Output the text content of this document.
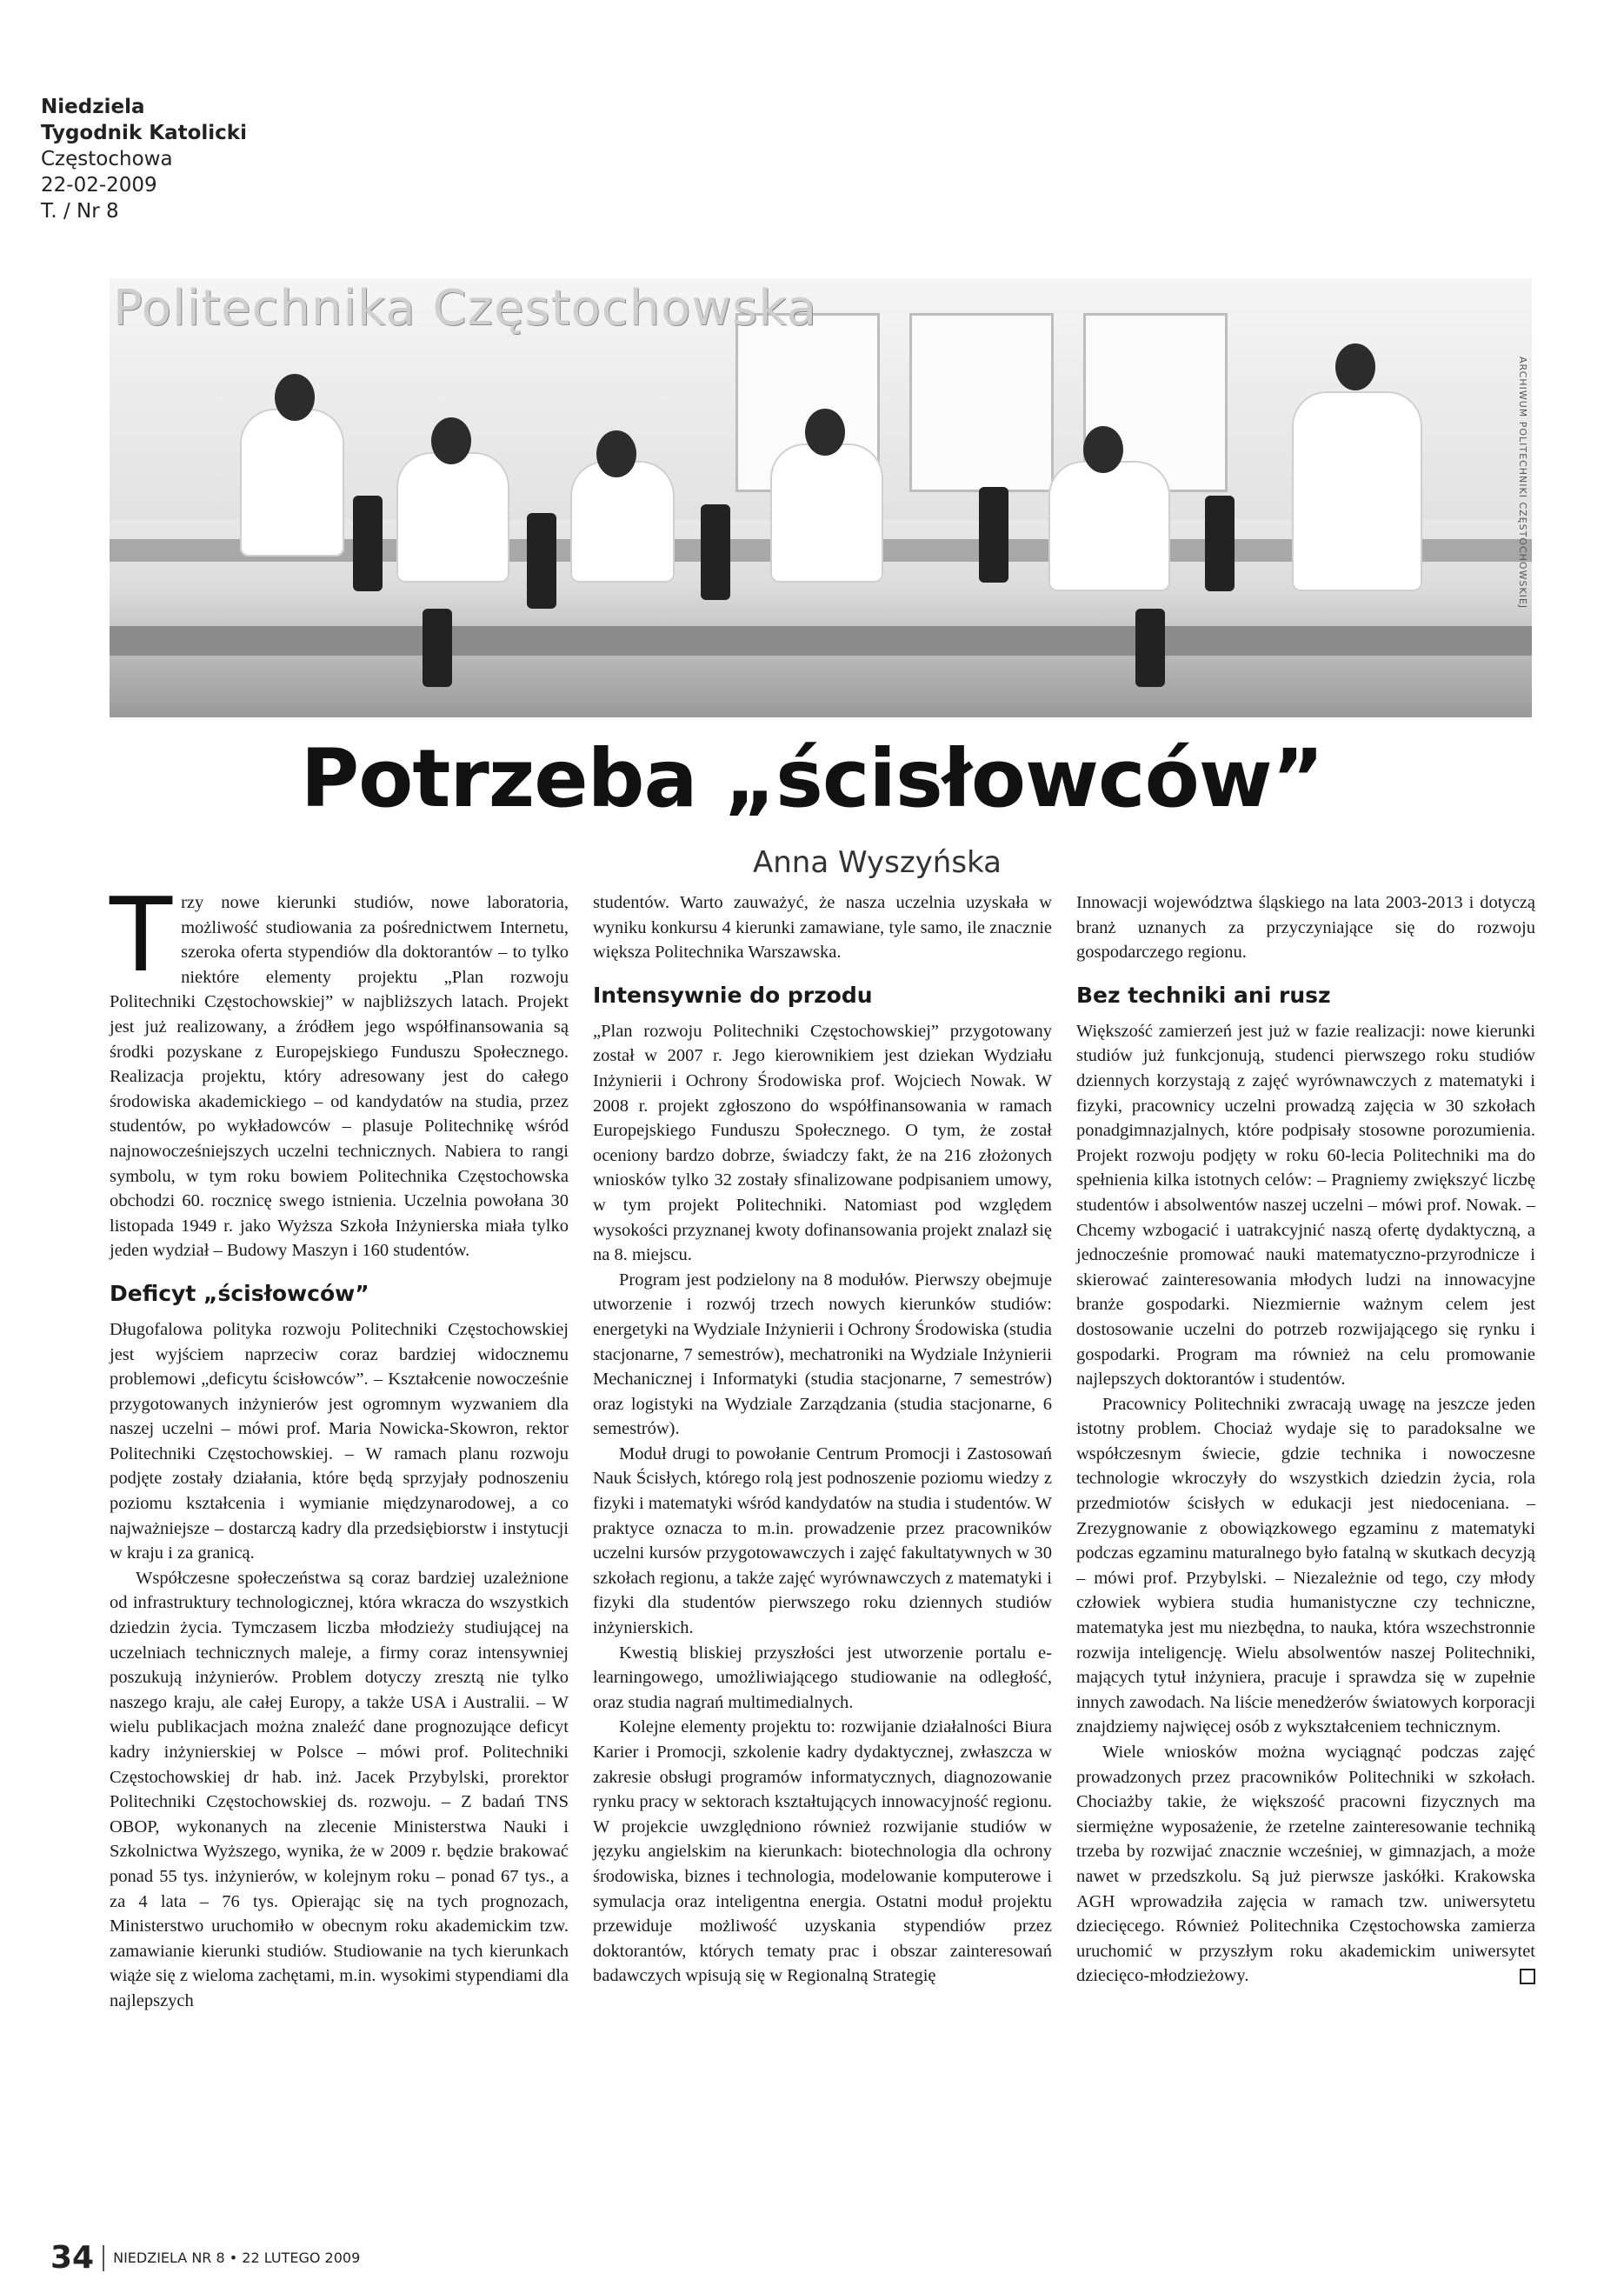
Niedziela
Tygodnik Katolicki
Częstochowa
22-02-2009
T. / Nr 8
ARCHIWUM POLITECHNIKI CZĘSTOCHOWSKIEJ
Politechnika Częstochowska
Potrzeba „ścisłowców”
Anna Wyszyńska

Trzy nowe kierunki studiów, nowe laboratoria, możliwość studiowania za pośrednictwem Internetu, szeroka oferta stypendiów dla doktorantów – to tylko niektóre elementy projektu „Plan rozwoju Politechniki Częstochowskiej” w najbliższych latach. Projekt jest już realizowany, a źródłem jego współfinansowania są środki pozyskane z Europejskiego Funduszu Społecznego. Realizacja projektu, który adresowany jest do całego środowiska akademickiego – od kandydatów na studia, przez studentów, po wykładowców – plasuje Politechnikę wśród najnowocześniejszych uczelni technicznych. Nabiera to rangi symbolu, w tym roku bowiem Politechnika Częstochowska obchodzi 60. rocznicę swego istnienia. Uczelnia powołana 30 listopada 1949 r. jako Wyższa Szkoła Inżynierska miała tylko jeden wydział – Budowy Maszyn i 160 studentów.

Deficyt „ścisłowców”

Długofalowa polityka rozwoju Politechniki Częstochowskiej jest wyjściem naprzeciw coraz bardziej widocznemu problemowi „deficytu ścisłowców”. – Kształcenie nowocześnie przygotowanych inżynierów jest ogromnym wyzwaniem dla naszej uczelni – mówi prof. Maria Nowicka-Skowron, rektor Politechniki Częstochowskiej. – W ramach planu rozwoju podjęte zostały działania, które będą sprzyjały podnoszeniu poziomu kształcenia i wymianie międzynarodowej, a co najważniejsze – dostarczą kadry dla przedsiębiorstw i instytucji w kraju i za granicą.

Współczesne społeczeństwa są coraz bardziej uzależnione od infrastruktury technologicznej, która wkracza do wszystkich dziedzin życia. Tymczasem liczba młodzieży studiującej na uczelniach technicznych maleje, a firmy coraz intensywniej poszukują inżynierów. Problem dotyczy zresztą nie tylko naszego kraju, ale całej Europy, a także USA i Australii. – W wielu publikacjach można znaleźć dane prognozujące deficyt kadry inżynierskiej w Polsce – mówi prof. Politechniki Częstochowskiej dr hab. inż. Jacek Przybylski, prorektor Politechniki Częstochowskiej ds. rozwoju. – Z badań TNS OBOP, wykonanych na zlecenie Ministerstwa Nauki i Szkolnictwa Wyższego, wynika, że w 2009 r. będzie brakować ponad 55 tys. inżynierów, w kolejnym roku – ponad 67 tys., a za 4 lata – 76 tys. Opierając się na tych prognozach, Ministerstwo uruchomiło w obecnym roku akademickim tzw. zamawianie kierunki studiów. Studiowanie na tych kierunkach wiąże się z wieloma zachętami, m.in. wysokimi stypendiami dla najlepszych

studentów. Warto zauważyć, że nasza uczelnia uzyskała w wyniku konkursu 4 kierunki zamawiane, tyle samo, ile znacznie większa Politechnika Warszawska.

Intensywnie do przodu

„Plan rozwoju Politechniki Częstochowskiej” przygotowany został w 2007 r. Jego kierownikiem jest dziekan Wydziału Inżynierii i Ochrony Środowiska prof. Wojciech Nowak. W 2008 r. projekt zgłoszono do współfinansowania w ramach Europejskiego Funduszu Społecznego. O tym, że został oceniony bardzo dobrze, świadczy fakt, że na 216 złożonych wniosków tylko 32 zostały sfinalizowane podpisaniem umowy, w tym projekt Politechniki. Natomiast pod względem wysokości przyznanej kwoty dofinansowania projekt znalazł się na 8. miejscu.

Program jest podzielony na 8 modułów. Pierwszy obejmuje utworzenie i rozwój trzech nowych kierunków studiów: energetyki na Wydziale Inżynierii i Ochrony Środowiska (studia stacjonarne, 7 semestrów), mechatroniki na Wydziale Inżynierii Mechanicznej i Informatyki (studia stacjonarne, 7 semestrów) oraz logistyki na Wydziale Zarządzania (studia stacjonarne, 6 semestrów).

Moduł drugi to powołanie Centrum Promocji i Zastosowań Nauk Ścisłych, którego rolą jest podnoszenie poziomu wiedzy z fizyki i matematyki wśród kandydatów na studia i studentów. W praktyce oznacza to m.in. prowadzenie przez pracowników uczelni kursów przygotowawczych i zajęć fakultatywnych w 30 szkołach regionu, a także zajęć wyrównawczych z matematyki i fizyki dla studentów pierwszego roku dziennych studiów inżynierskich.

Kwestią bliskiej przyszłości jest utworzenie portalu e-learningowego, umożliwiającego studiowanie na odległość, oraz studia nagrań multimedialnych.

Kolejne elementy projektu to: rozwijanie działalności Biura Karier i Promocji, szkolenie kadry dydaktycznej, zwłaszcza w zakresie obsługi programów informatycznych, diagnozowanie rynku pracy w sektorach kształtujących innowacyjność regionu. W projekcie uwzględniono również rozwijanie studiów w języku angielskim na kierunkach: biotechnologia dla ochrony środowiska, biznes i technologia, modelowanie komputerowe i symulacja oraz inteligentna energia. Ostatni moduł projektu przewiduje możliwość uzyskania stypendiów przez doktorantów, których tematy prac i obszar zainteresowań badawczych wpisują się w Regionalną Strategię

Innowacji województwa śląskiego na lata 2003-2013 i dotyczą branż uznanych za przyczyniające się do rozwoju gospodarczego regionu.

Bez techniki ani rusz

Większość zamierzeń jest już w fazie realizacji: nowe kierunki studiów już funkcjonują, studenci pierwszego roku studiów dziennych korzystają z zajęć wyrównawczych z matematyki i fizyki, pracownicy uczelni prowadzą zajęcia w 30 szkołach ponadgimnazjalnych, które podpisały stosowne porozumienia. Projekt rozwoju podjęty w roku 60-lecia Politechniki ma do spełnienia kilka istotnych celów: – Pragniemy zwiększyć liczbę studentów i absolwentów naszej uczelni – mówi prof. Nowak. – Chcemy wzbogacić i uatrakcyjnić naszą ofertę dydaktyczną, a jednocześnie promować nauki matematyczno-przyrodnicze i skierować zainteresowania młodych ludzi na innowacyjne branże gospodarki. Niezmiernie ważnym celem jest dostosowanie uczelni do potrzeb rozwijającego się rynku i gospodarki. Program ma również na celu promowanie najlepszych doktorantów i studentów.

Pracownicy Politechniki zwracają uwagę na jeszcze jeden istotny problem. Chociaż wydaje się to paradoksalne we współczesnym świecie, gdzie technika i nowoczesne technologie wkroczyły do wszystkich dziedzin życia, rola przedmiotów ścisłych w edukacji jest niedoceniana. – Zrezygnowanie z obowiązkowego egzaminu z matematyki podczas egzaminu maturalnego było fatalną w skutkach decyzją – mówi prof. Przybylski. – Niezależnie od tego, czy młody człowiek wybiera studia humanistyczne czy techniczne, matematyka jest mu niezbędna, to nauka, która wszechstronnie rozwija inteligencję. Wielu absolwentów naszej Politechniki, mających tytuł inżyniera, pracuje i sprawdza się w zupełnie innych zawodach. Na liście menedżerów światowych korporacji znajdziemy najwięcej osób z wykształceniem technicznym.

Wiele wniosków można wyciągnąć podczas zajęć prowadzonych przez pracowników Politechniki w szkołach. Chociażby takie, że większość pracowni fizycznych ma siermiężne wyposażenie, że rzetelne zainteresowanie techniką trzeba by rozwijać znacznie wcześniej, w gimnazjach, a może nawet w przedszkolu. Są już pierwsze jaskółki. Krakowska AGH wprowadziła zajęcia w ramach tzw. uniwersytetu dziecięcego. Również Politechnika Częstochowska zamierza uruchomić w przyszłym roku akademickim uniwersytet dziecięco-młodzieżowy.

34 NIEDZIELA NR 8 • 22 LUTEGO 2009
